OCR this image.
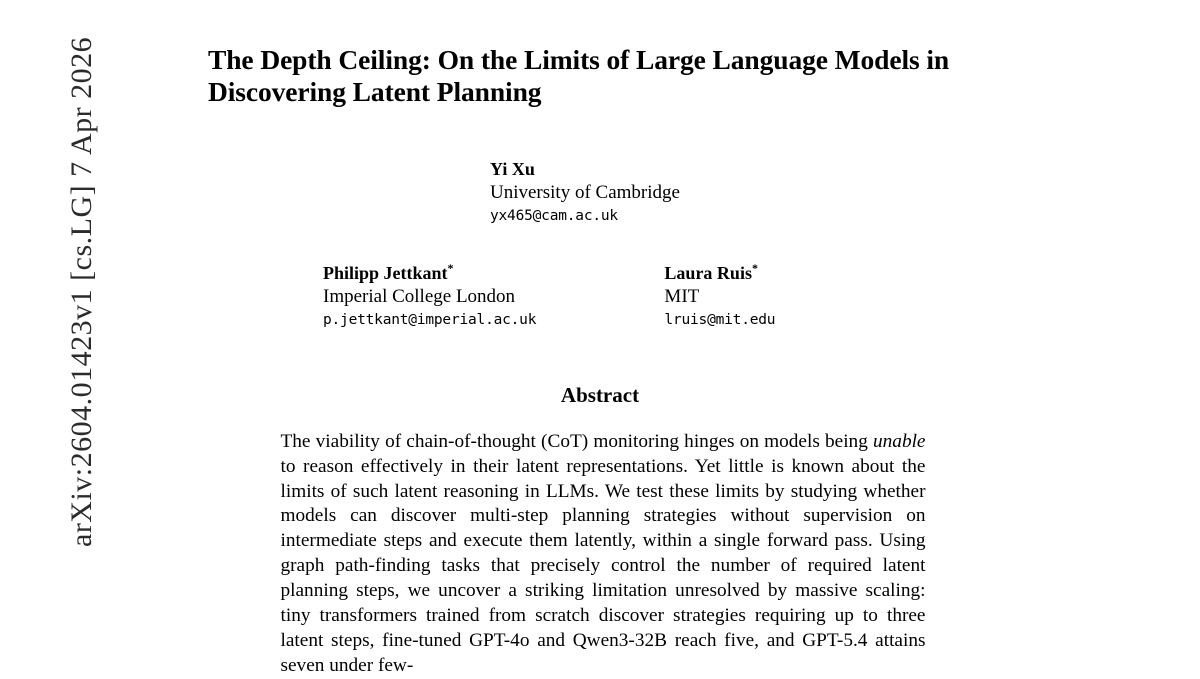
arXiv:2604.01423v1 [cs.LG] 7 Apr 2026	The Depth Ceiling: On the Limits of Large Language Models in Discovering Latent Planning
Yi Xu
University of Cambridge
yx465@cam.ac.uk
Philipp Jettkant*
Imperial College London
p.jettkant@imperial.ac.uk
Laura Ruis*
MIT
lruis@mit.edu
Abstract
The viability of chain-of-thought (CoT) monitoring hinges on models being unable to reason effectively in their latent representations. Yet little is known about the limits of such latent reasoning in LLMs. We test these limits by studying whether models can discover multi-step planning strategies without supervision on intermediate steps and execute them latently, within a single forward pass. Using graph path-finding tasks that precisely control the number of required latent planning steps, we uncover a striking limitation unresolved by massive scaling: tiny transformers trained from scratch discover strategies requiring up to three latent steps, fine-tuned GPT-4o and Qwen3-32B reach five, and GPT-5.4 attains seven under few-
